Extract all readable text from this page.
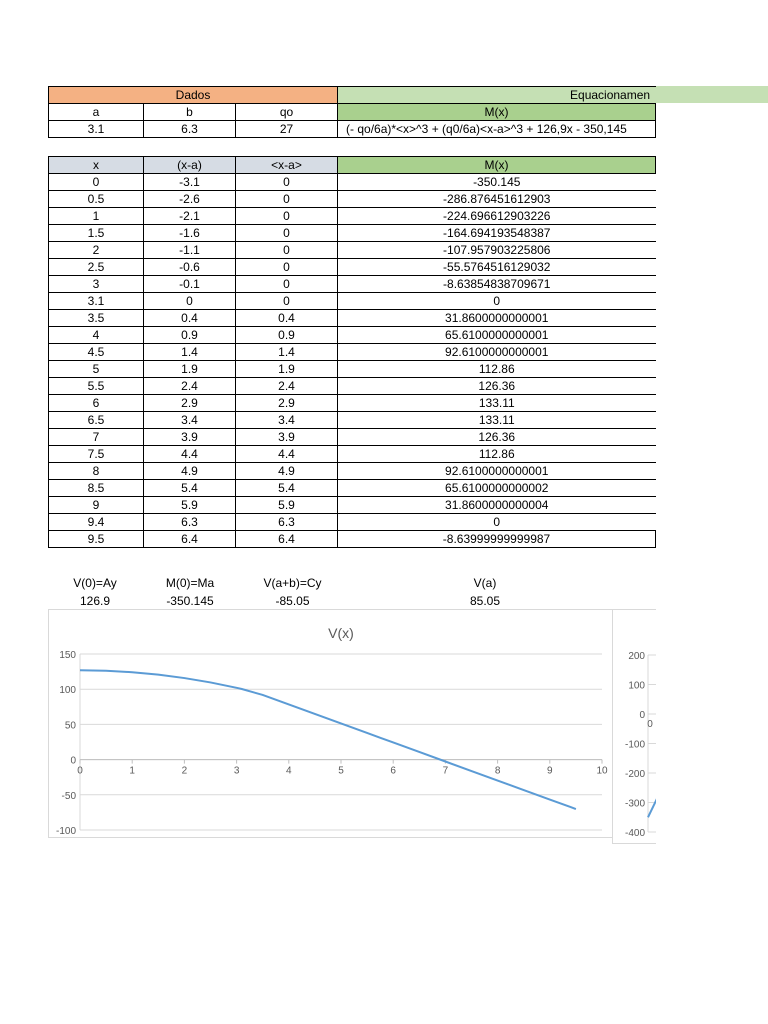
Dados			Equacionamen
a	b	qo	M(x)
3.1	6.3	27	(- qo/6a)*<x>^3 + (q0/6a)<x-a>^3 + 126,9x - 350,145
x	(x-a)	<x-a>	M(x)
0	-3.1	0	-350.145
0.5	-2.6	0	-286.876451612903
1	-2.1	0	-224.696612903226
1.5	-1.6	0	-164.694193548387
2	-1.1	0	-107.957903225806
2.5	-0.6	0	-55.5764516129032
3	-0.1	0	-8.63854838709671
3.1	0	0	0
3.5	0.4	0.4	31.8600000000001
4	0.9	0.9	65.6100000000001
4.5	1.4	1.4	92.6100000000001
5	1.9	1.9	112.86
5.5	2.4	2.4	126.36
6	2.9	2.9	133.11
6.5	3.4	3.4	133.11
7	3.9	3.9	126.36
7.5	4.4	4.4	112.86
8	4.9	4.9	92.6100000000001
8.5	5.4	5.4	65.6100000000002
9	5.9	5.9	31.8600000000004
9.4	6.3	6.3	0
9.5	6.4	6.4	-8.63999999999987
V(0)=Ay	M(0)=Ma	V(a+b)=Cy	V(a)
126.9	-350.145	-85.05	85.05
V(x)
150
100
50
0
-50
-100
0	1	2	3	4	5	6	7	8	9	10
200
100
0
-100
-200
-300
-400
0
